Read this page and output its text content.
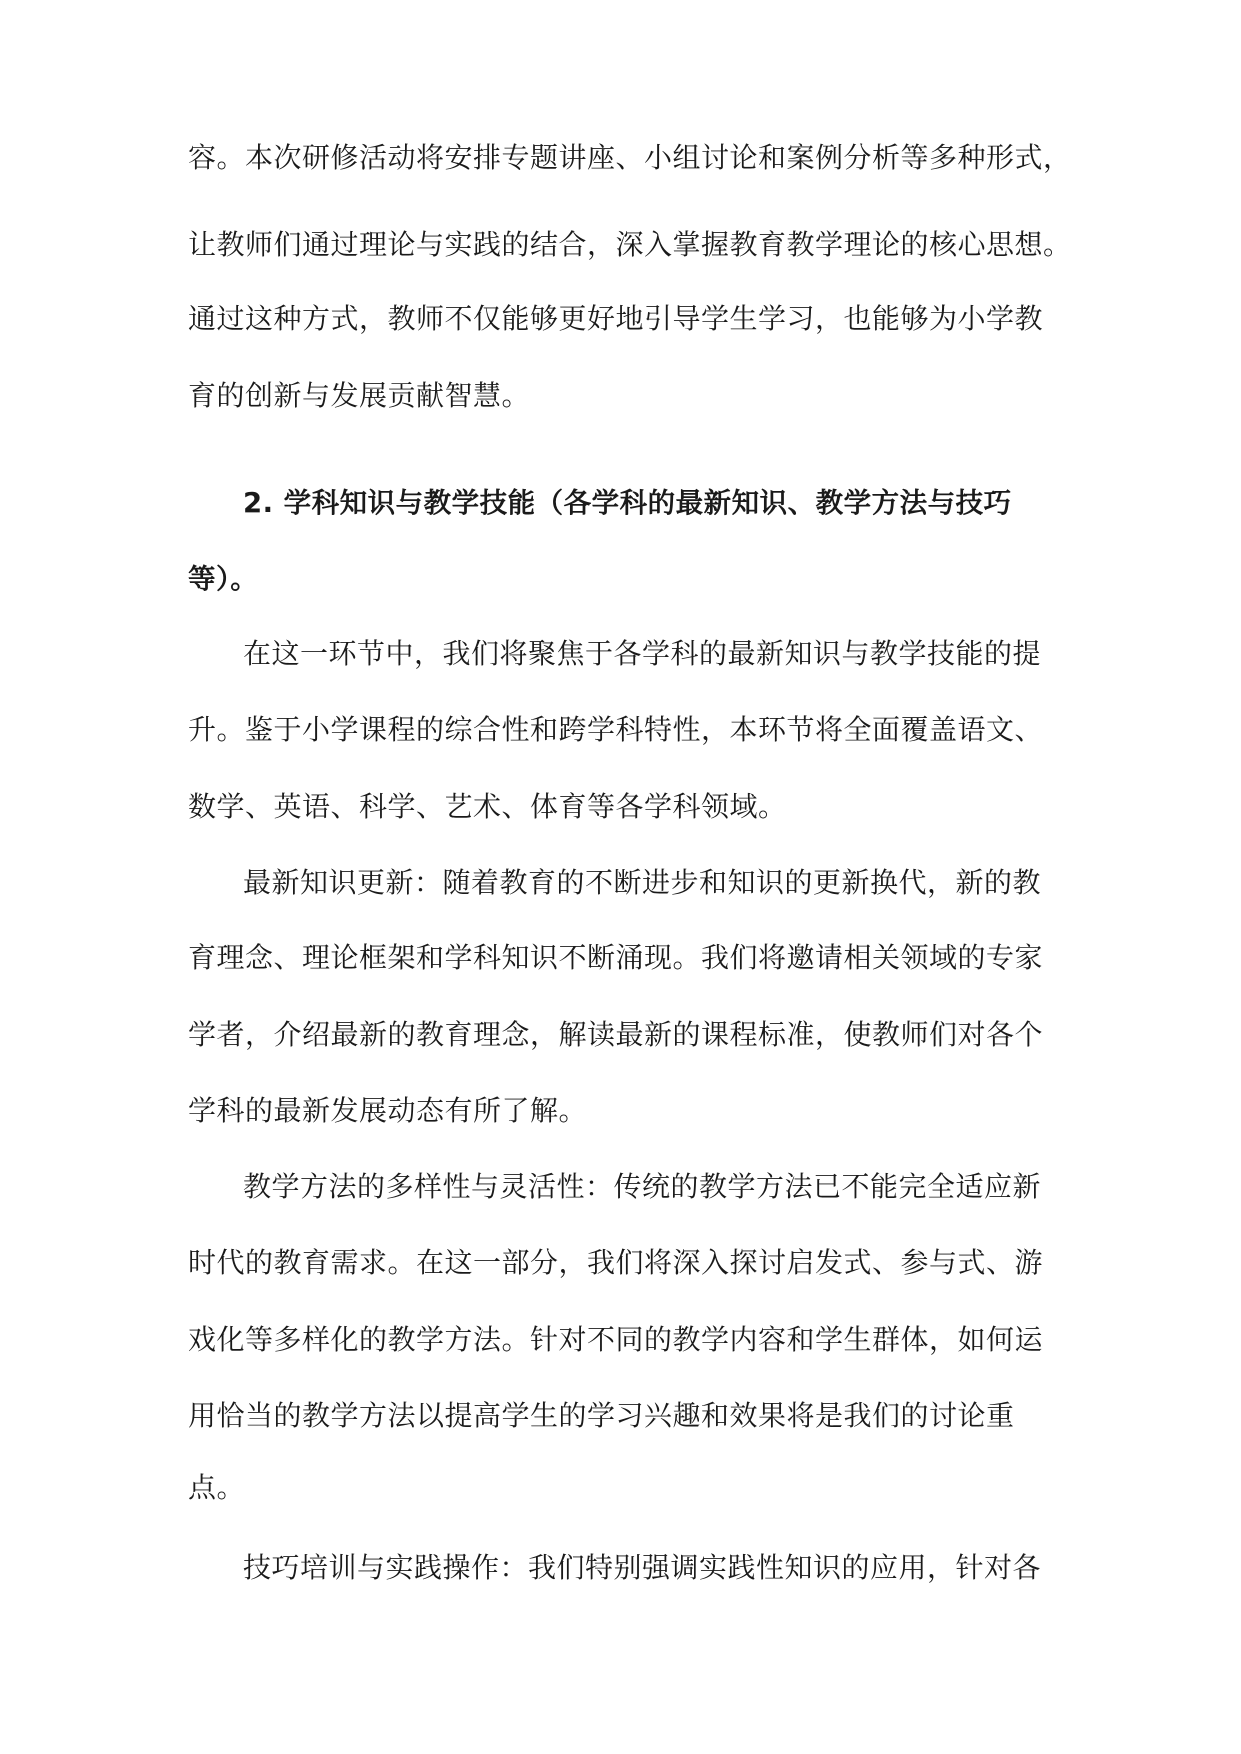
容。本次研修活动将安排专题讲座、小组讨论和案例分析等多种形式，
让教师们通过理论与实践的结合，深入掌握教育教学理论的核心思想。
通过这种方式，教师不仅能够更好地引导学生学习，也能够为小学教
育的创新与发展贡献智慧。
2. 学科知识与教学技能（各学科的最新知识、教学方法与技巧
等）。
在这一环节中，我们将聚焦于各学科的最新知识与教学技能的提
升。鉴于小学课程的综合性和跨学科特性，本环节将全面覆盖语文、
数学、英语、科学、艺术、体育等各学科领域。
最新知识更新：随着教育的不断进步和知识的更新换代，新的教
育理念、理论框架和学科知识不断涌现。我们将邀请相关领域的专家
学者，介绍最新的教育理念，解读最新的课程标准，使教师们对各个
学科的最新发展动态有所了解。
教学方法的多样性与灵活性：传统的教学方法已不能完全适应新
时代的教育需求。在这一部分，我们将深入探讨启发式、参与式、游
戏化等多样化的教学方法。针对不同的教学内容和学生群体，如何运
用恰当的教学方法以提高学生的学习兴趣和效果将是我们的讨论重
点。
技巧培训与实践操作：我们特别强调实践性知识的应用，针对各
